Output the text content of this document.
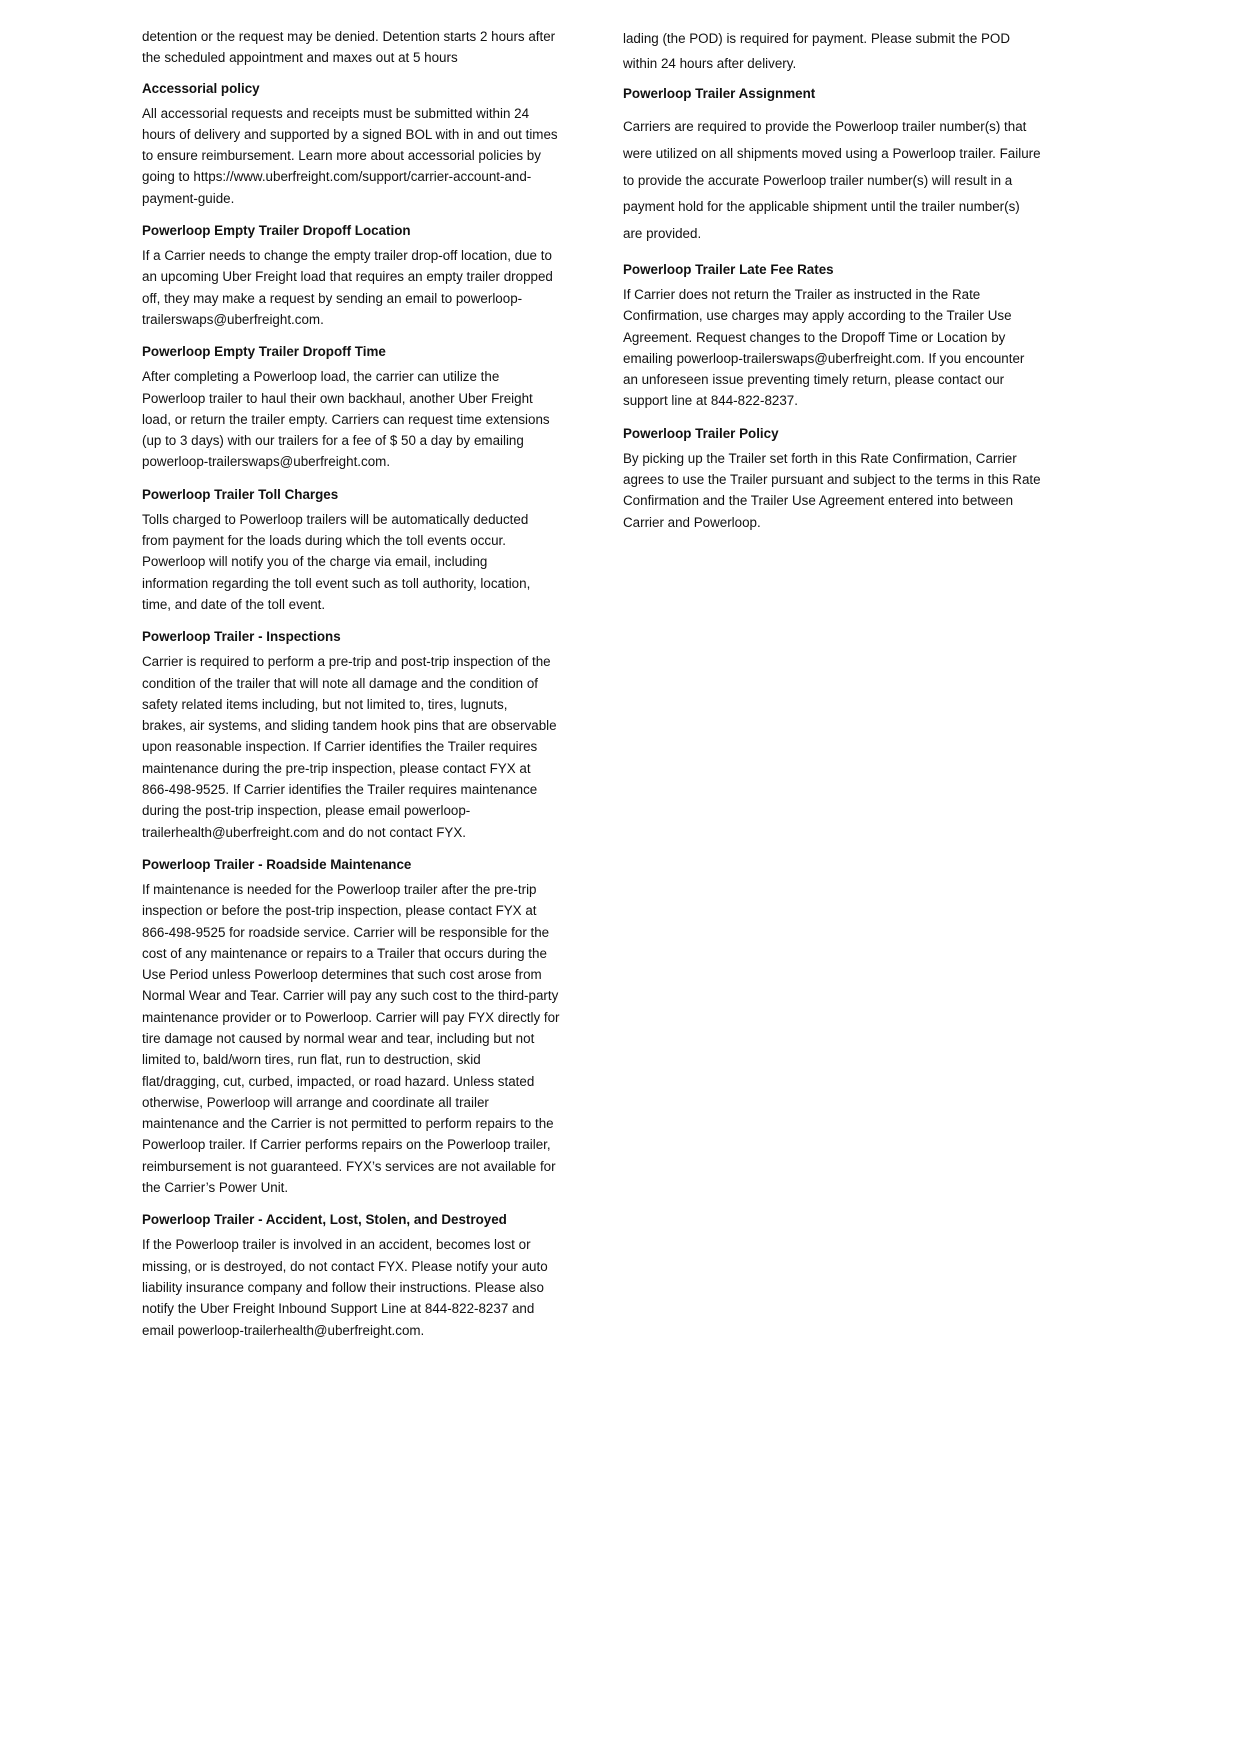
detention or the request may be denied. Detention starts 2 hours after
the scheduled appointment and maxes out at 5 hours

Accessorial policy

All accessorial requests and receipts must be submitted within 24
hours of delivery and supported by a signed BOL with in and out times
to ensure reimbursement. Learn more about accessorial policies by
going to https://www.uberfreight.com/support/carrier-account-and-
payment-guide.

Powerloop Empty Trailer Dropoff Location

If a Carrier needs to change the empty trailer drop-off location, due to
an upcoming Uber Freight load that requires an empty trailer dropped
off, they may make a request by sending an email to powerloop-
trailerswaps@uberfreight.com.

Powerloop Empty Trailer Dropoff Time

After completing a Powerloop load, the carrier can utilize the
Powerloop trailer to haul their own backhaul, another Uber Freight
load, or return the trailer empty. Carriers can request time extensions
(up to 3 days) with our trailers for a fee of $ 50 a day by emailing
powerloop-trailerswaps@uberfreight.com.

Powerloop Trailer Toll Charges

Tolls charged to Powerloop trailers will be automatically deducted
from payment for the loads during which the toll events occur.
Powerloop will notify you of the charge via email, including
information regarding the toll event such as toll authority, location,
time, and date of the toll event.

Powerloop Trailer - Inspections

Carrier is required to perform a pre-trip and post-trip inspection of the
condition of the trailer that will note all damage and the condition of
safety related items including, but not limited to, tires, lugnuts,
brakes, air systems, and sliding tandem hook pins that are observable
upon reasonable inspection. If Carrier identifies the Trailer requires
maintenance during the pre-trip inspection, please contact FYX at
866-498-9525. If Carrier identifies the Trailer requires maintenance
during the post-trip inspection, please email powerloop-
trailerhealth@uberfreight.com and do not contact FYX.

Powerloop Trailer - Roadside Maintenance

If maintenance is needed for the Powerloop trailer after the pre-trip
inspection or before the post-trip inspection, please contact FYX at
866-498-9525 for roadside service. Carrier will be responsible for the
cost of any maintenance or repairs to a Trailer that occurs during the
Use Period unless Powerloop determines that such cost arose from
Normal Wear and Tear. Carrier will pay any such cost to the third-party
maintenance provider or to Powerloop. Carrier will pay FYX directly for
tire damage not caused by normal wear and tear, including but not
limited to, bald/worn tires, run flat, run to destruction, skid
flat/dragging, cut, curbed, impacted, or road hazard. Unless stated
otherwise, Powerloop will arrange and coordinate all trailer
maintenance and the Carrier is not permitted to perform repairs to the
Powerloop trailer. If Carrier performs repairs on the Powerloop trailer,
reimbursement is not guaranteed. FYX’s services are not available for
the Carrier’s Power Unit.

Powerloop Trailer - Accident, Lost, Stolen, and Destroyed

If the Powerloop trailer is involved in an accident, becomes lost or
missing, or is destroyed, do not contact FYX. Please notify your auto
liability insurance company and follow their instructions. Please also
notify the Uber Freight Inbound Support Line at 844-822-8237 and
email powerloop-trailerhealth@uberfreight.com.

lading (the POD) is required for payment. Please submit the POD
within 24 hours after delivery.

Powerloop Trailer Assignment

Carriers are required to provide the Powerloop trailer number(s) that
were utilized on all shipments moved using a Powerloop trailer. Failure
to provide the accurate Powerloop trailer number(s) will result in a
payment hold for the applicable shipment until the trailer number(s)
are provided.

Powerloop Trailer Late Fee Rates

If Carrier does not return the Trailer as instructed in the Rate
Confirmation, use charges may apply according to the Trailer Use
Agreement. Request changes to the Dropoff Time or Location by
emailing powerloop-trailerswaps@uberfreight.com. If you encounter
an unforeseen issue preventing timely return, please contact our
support line at 844-822-8237.

Powerloop Trailer Policy

By picking up the Trailer set forth in this Rate Confirmation, Carrier
agrees to use the Trailer pursuant and subject to the terms in this Rate
Confirmation and the Trailer Use Agreement entered into between
Carrier and Powerloop.
